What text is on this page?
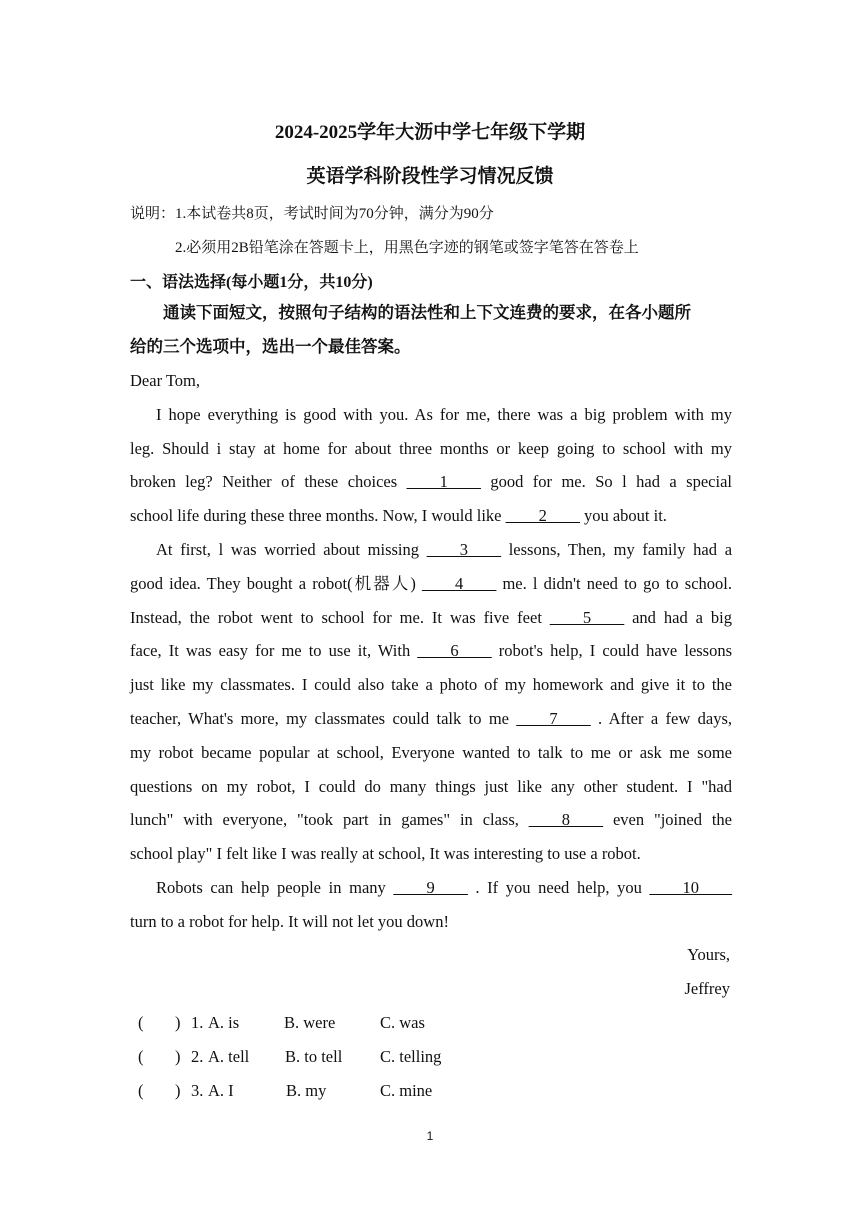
2024-2025学年大沥中学七年级下学期
英语学科阶段性学习情况反馈
说明：1.本试卷共8页，考试时间为70分钟，满分为90分
2.必须用2B铅笔涂在答题卡上，用黑色字迹的钢笔或签字笔答在答卷上
一、语法选择(每小题1分，共10分)
通读下面短文，按照句子结构的语法性和上下文连费的要求，在各小题所
给的三个选项中，选出一个最佳答案。
Dear Tom,
I hope everything is good with you. As for me, there was a big problem with my
leg. Should i stay at home for about three months or keep going to school with my
broken leg? Neither of these choices ____1____ good for me. So l had a special
school life during these three months. Now, I would like ____2____ you about it.
At first, l was worried about missing ____3____ lessons, Then, my family had a
good idea. They bought a robot(机器人) ____4____ me. l didn't need to go to school.
Instead, the robot went to school for me. It was five feet ____5____ and had a big
face, It was easy for me to use it, With ____6____ robot's help, I could have lessons
just like my classmates. I could also take a photo of my homework and give it to the
teacher, What's more, my classmates could talk to me ____7____ . After a few days,
my robot became popular at school, Everyone wanted to talk to me or ask me some
questions on my robot, I could do many things just like any other student. I "had
lunch" with everyone, "took part in games" in class, ____8____ even "joined the
school play" I felt like I was really at school, It was interesting to use a robot.
Robots can help people in many ____9____ . If you need help, you ____10____
turn to a robot for help. It will not let you down!
Yours,
Jeffrey
( ) 1. A. is	B. were	C. was
( ) 2. A. tell B. to tell C. telling
( ) 3. A. I	B. my	C. mine
1
